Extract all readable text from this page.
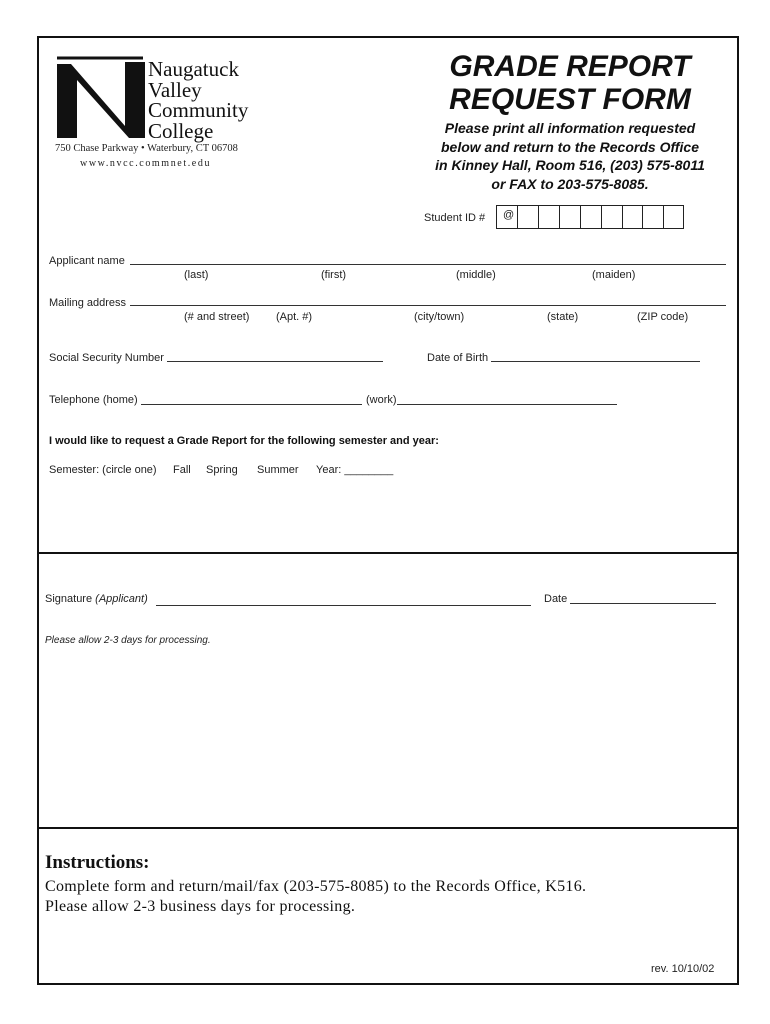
Naugatuck
Valley
Community
College
750 Chase Parkway • Waterbury, CT 06708
www.nvcc.commnet.edu
GRADE REPORT
REQUEST FORM
Please print all information requested
below and return to the Records Office
in Kinney Hall, Room 516, (203) 575-8011
or FAX to 203-575-8085.
Student ID # @
Applicant name
(last)	(first)	(middle)	(maiden)
Mailing address
(# and street) (Apt. #)	(city/town)	(state)	(ZIP code)
Social Security Number	Date of Birth
Telephone (home)	(work)
I would like to request a Grade Report for the following semester and year:
Semester: (circle one) Fall Spring Summer Year: ________
Signature (Applicant)	Date
Please allow 2-3 days for processing.
Instructions:
Complete form and return/mail/fax (203-575-8085) to the Records Office, K516.
Please allow 2-3 business days for processing.
rev. 10/10/02
